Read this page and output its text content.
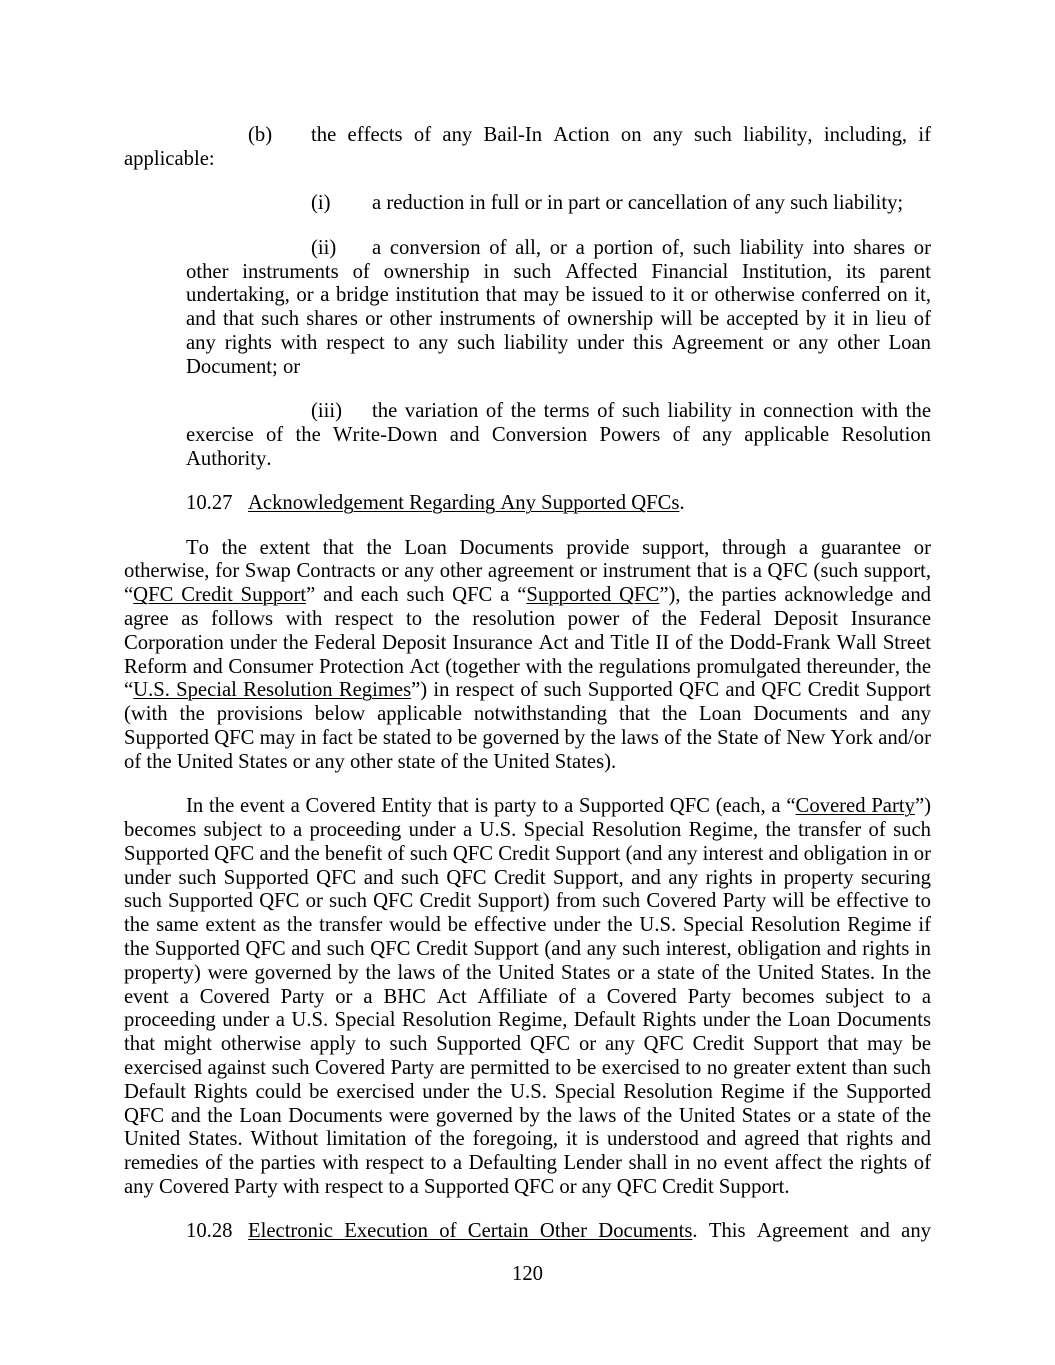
(b) the effects of any Bail-In Action on any such liability, including, if applicable:

(i) a reduction in full or in part or cancellation of any such liability;

(ii) a conversion of all, or a portion of, such liability into shares or other instruments of ownership in such Affected Financial Institution, its parent undertaking, or a bridge institution that may be issued to it or otherwise conferred on it, and that such shares or other instruments of ownership will be accepted by it in lieu of any rights with respect to any such liability under this Agreement or any other Loan Document; or

(iii) the variation of the terms of such liability in connection with the exercise of the Write-Down and Conversion Powers of any applicable Resolution Authority.

10.27 Acknowledgement Regarding Any Supported QFCs.

To the extent that the Loan Documents provide support, through a guarantee or otherwise, for Swap Contracts or any other agreement or instrument that is a QFC (such support, “QFC Credit Support” and each such QFC a “Supported QFC”), the parties acknowledge and agree as follows with respect to the resolution power of the Federal Deposit Insurance Corporation under the Federal Deposit Insurance Act and Title II of the Dodd-Frank Wall Street Reform and Consumer Protection Act (together with the regulations promulgated thereunder, the “U.S. Special Resolution Regimes”) in respect of such Supported QFC and QFC Credit Support (with the provisions below applicable notwithstanding that the Loan Documents and any Supported QFC may in fact be stated to be governed by the laws of the State of New York and/or of the United States or any other state of the United States).

In the event a Covered Entity that is party to a Supported QFC (each, a “Covered Party”) becomes subject to a proceeding under a U.S. Special Resolution Regime, the transfer of such Supported QFC and the benefit of such QFC Credit Support (and any interest and obligation in or under such Supported QFC and such QFC Credit Support, and any rights in property securing such Supported QFC or such QFC Credit Support) from such Covered Party will be effective to the same extent as the transfer would be effective under the U.S. Special Resolution Regime if the Supported QFC and such QFC Credit Support (and any such interest, obligation and rights in property) were governed by the laws of the United States or a state of the United States. In the event a Covered Party or a BHC Act Affiliate of a Covered Party becomes subject to a proceeding under a U.S. Special Resolution Regime, Default Rights under the Loan Documents that might otherwise apply to such Supported QFC or any QFC Credit Support that may be exercised against such Covered Party are permitted to be exercised to no greater extent than such Default Rights could be exercised under the U.S. Special Resolution Regime if the Supported QFC and the Loan Documents were governed by the laws of the United States or a state of the United States. Without limitation of the foregoing, it is understood and agreed that rights and remedies of the parties with respect to a Defaulting Lender shall in no event affect the rights of any Covered Party with respect to a Supported QFC or any QFC Credit Support.

10.28 Electronic Execution of Certain Other Documents. This Agreement and any

120
